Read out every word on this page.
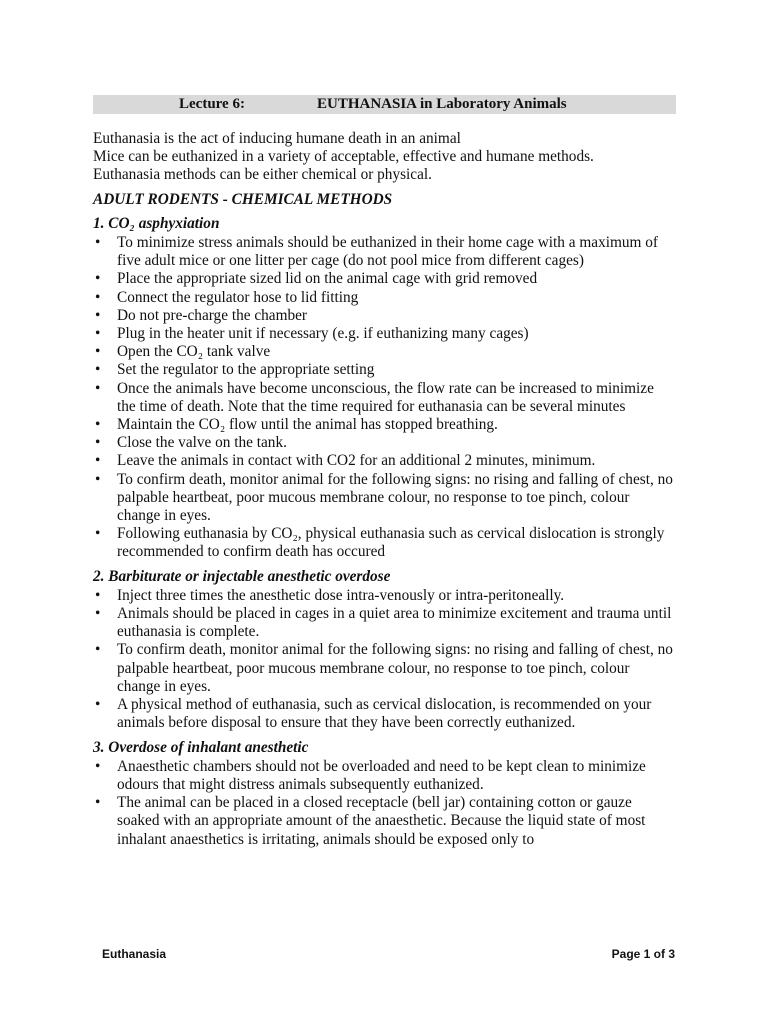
Lecture 6:	EUTHANASIA in Laboratory Animals
Euthanasia is the act of inducing humane death in an animal
Mice can be euthanized in a variety of acceptable, effective and humane methods.
Euthanasia methods can be either chemical or physical.
ADULT RODENTS - CHEMICAL METHODS
1. CO₂ asphyxiation
• To minimize stress animals should be euthanized in their home cage with a maximum of five adult mice or one litter per cage (do not pool mice from different cages)
• Place the appropriate sized lid on the animal cage with grid removed
• Connect the regulator hose to lid fitting
• Do not pre-charge the chamber
• Plug in the heater unit if necessary (e.g. if euthanizing many cages)
• Open the CO₂ tank valve
• Set the regulator to the appropriate setting
• Once the animals have become unconscious, the flow rate can be increased to minimize the time of death. Note that the time required for euthanasia can be several minutes
• Maintain the CO₂ flow until the animal has stopped breathing.
• Close the valve on the tank.
• Leave the animals in contact with CO2 for an additional 2 minutes, minimum.
• To confirm death, monitor animal for the following signs: no rising and falling of chest, no palpable heartbeat, poor mucous membrane colour, no response to toe pinch, colour change in eyes.
• Following euthanasia by CO₂, physical euthanasia such as cervical dislocation is strongly recommended to confirm death has occured
2. Barbiturate or injectable anesthetic overdose
• Inject three times the anesthetic dose intra-venously or intra-peritoneally.
• Animals should be placed in cages in a quiet area to minimize excitement and trauma until euthanasia is complete.
• To confirm death, monitor animal for the following signs: no rising and falling of chest, no palpable heartbeat, poor mucous membrane colour, no response to toe pinch, colour change in eyes.
• A physical method of euthanasia, such as cervical dislocation, is recommended on your animals before disposal to ensure that they have been correctly euthanized.
3. Overdose of inhalant anesthetic
• Anaesthetic chambers should not be overloaded and need to be kept clean to minimize odours that might distress animals subsequently euthanized.
• The animal can be placed in a closed receptacle (bell jar) containing cotton or gauze soaked with an appropriate amount of the anaesthetic. Because the liquid state of most inhalant anaesthetics is irritating, animals should be exposed only to
Euthanasia	Page 1 of 3
